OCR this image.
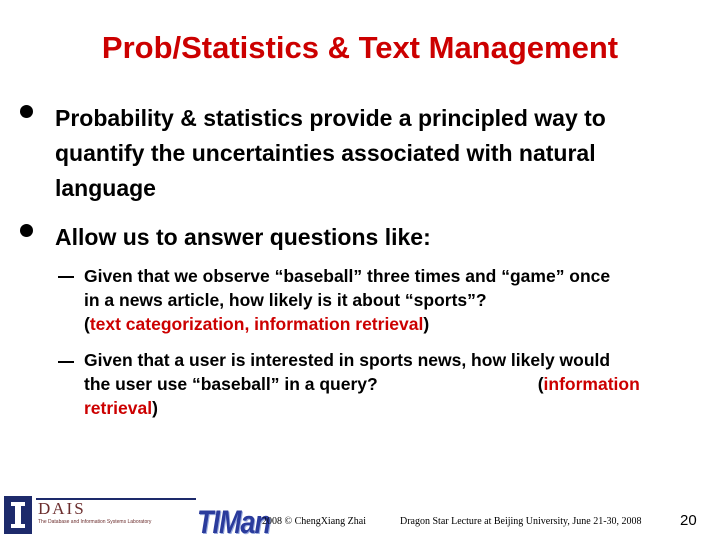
Prob/Statistics & Text Management
Probability & statistics provide a principled way to quantify the uncertainties associated with natural language
Allow us to answer questions like:
Given that we observe “baseball” three times and “game” once
in a news article, how likely is it about “sports”?
(text categorization, information retrieval)
Given that a user is interested in sports news, how likely would
the user use “baseball” in a query?	(information
retrieval)
DAIS
The Database and Information Systems Laboratory TIMan
2008 © ChengXiang Zhai	Dragon Star Lecture at Beijing University, June 21-30, 2008	20
